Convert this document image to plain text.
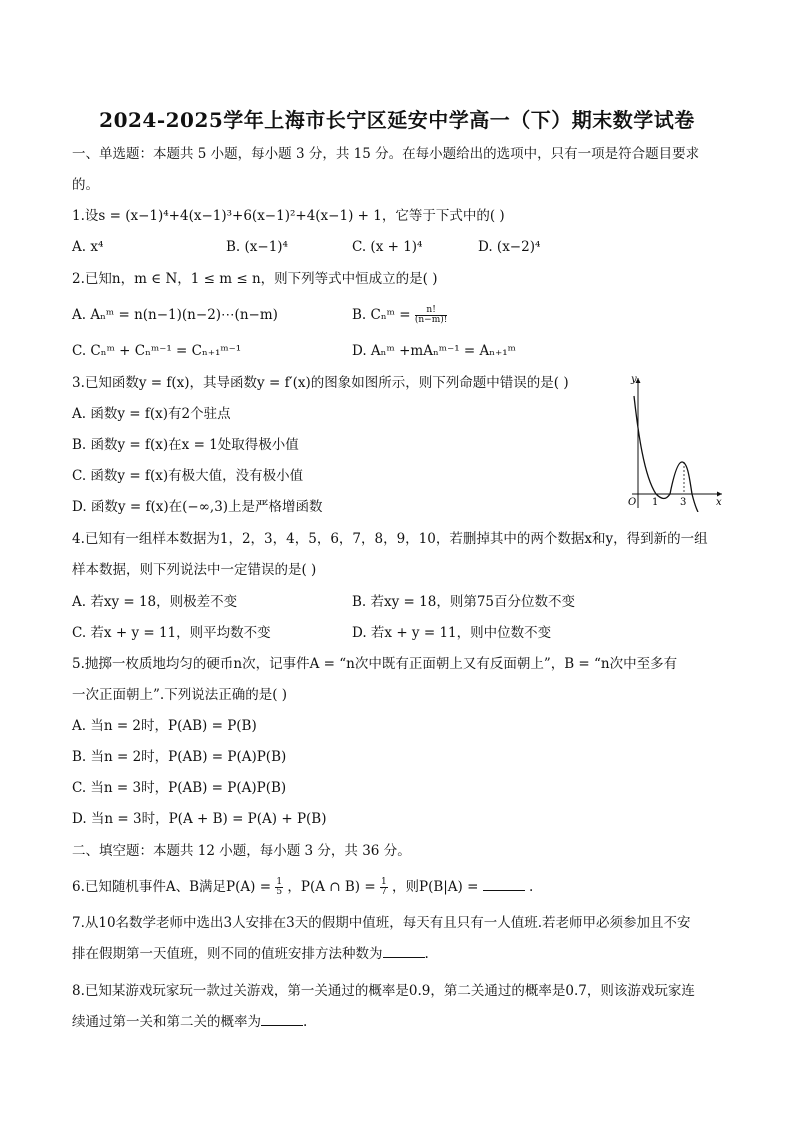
2024-2025学年上海市长宁区延安中学高一（下）期末数学试卷
一、单选题：本题共 5 小题，每小题 3 分，共 15 分。在每小题给出的选项中，只有一项是符合题目要求
的。
1.设s = (x−1)⁴+4(x−1)³+6(x−1)²+4(x−1) + 1，它等于下式中的( )
A. x⁴	B. (x−1)⁴	C. (x + 1)⁴	D. (x−2)⁴
2.已知n，m ∈ N，1 ≤ m ≤ n，则下列等式中恒成立的是( )
A. Aₙᵐ = n(n−1)(n−2)⋯(n−m)	B. Cₙᵐ = $\frac{n!}{(n-m)!}$
C. Cₙᵐ + Cₙᵐ⁻¹ = Cₙ₊₁ᵐ⁻¹	D. Aₙᵐ +mAₙᵐ⁻¹ = Aₙ₊₁ᵐ
3.已知函数y = f(x)，其导函数y = f′(x)的图象如图所示，则下列命题中错误的是( )
A. 函数y = f(x)有2个驻点
B. 函数y = f(x)在x = 1处取得极小值
C. 函数y = f(x)有极大值，没有极小值
D. 函数y = f(x)在(−∞,3)上是严格增函数
y
x
O 1 3
4.已知有一组样本数据为1，2，3，4，5，6，7，8，9，10，若删掉其中的两个数据x和y，得到新的一组
样本数据，则下列说法中一定错误的是( )
A. 若xy = 18，则极差不变	B. 若xy = 18，则第75百分位数不变
C. 若x + y = 11，则平均数不变	D. 若x + y = 11，则中位数不变
5.抛掷一枚质地均匀的硬币n次，记事件A = “n次中既有正面朝上又有反面朝上”，B = “n次中至多有
一次正面朝上”.下列说法正确的是( )
A. 当n = 2时，P(AB) = P(B)
B. 当n = 2时，P(AB) = P(A)P(B)
C. 当n = 3时，P(AB) = P(A)P(B)
D. 当n = 3时，P(A + B) = P(A) + P(B)
二、填空题：本题共 12 小题，每小题 3 分，共 36 分。
6.已知随机事件A、B满足$P(A) = \frac{1}{5}$ ，P(A ∩ $B) = \frac{1}{7}$ ，则P(B|A) =	.
7.从10名数学老师中选出3人安排在3天的假期中值班，每天有且只有一人值班.若老师甲必须参加且不安
排在假期第一天值班，则不同的值班安排方法种数为	.
8.已知某游戏玩家玩一款过关游戏，第一关通过的概率是0.9，第二关通过的概率是0.7，则该游戏玩家连
续通过第一关和第二关的概率为	.
